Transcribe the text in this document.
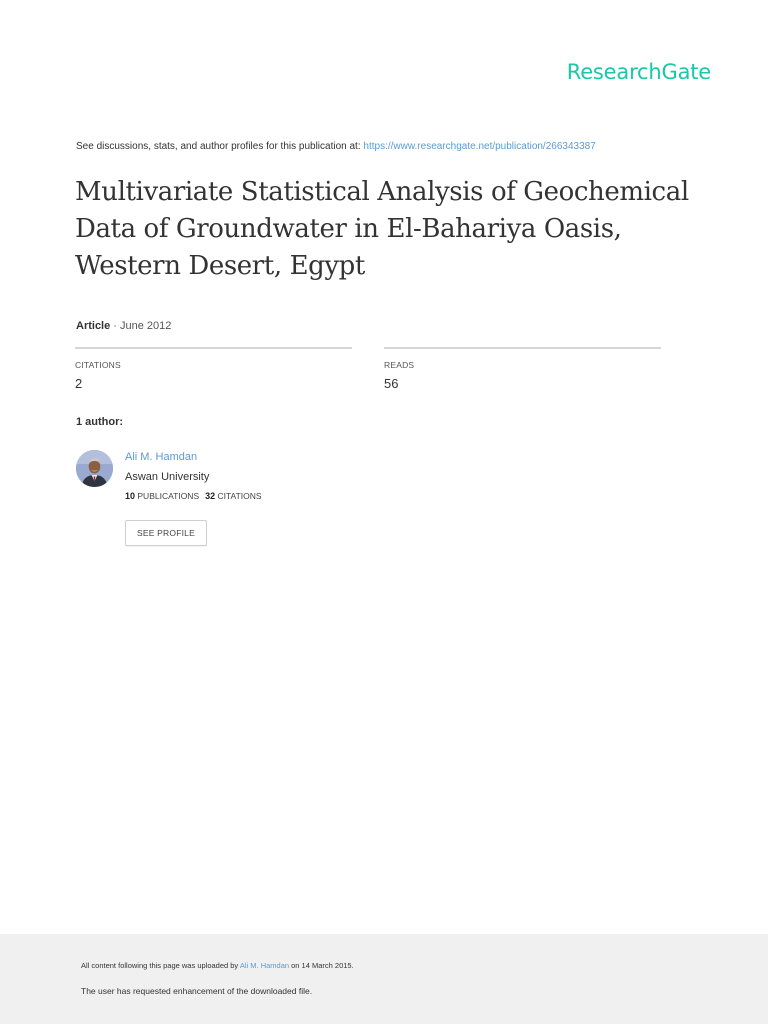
ResearchGate
See discussions, stats, and author profiles for this publication at: https://www.researchgate.net/publication/266343387
Multivariate Statistical Analysis of Geochemical Data of Groundwater in El-Bahariya Oasis, Western Desert, Egypt
Article · June 2012
CITATIONS
2
READS
56
1 author:
Ali M. Hamdan
Aswan University
10 PUBLICATIONS 32 CITATIONS
SEE PROFILE
All content following this page was uploaded by Ali M. Hamdan on 14 March 2015.
The user has requested enhancement of the downloaded file.
